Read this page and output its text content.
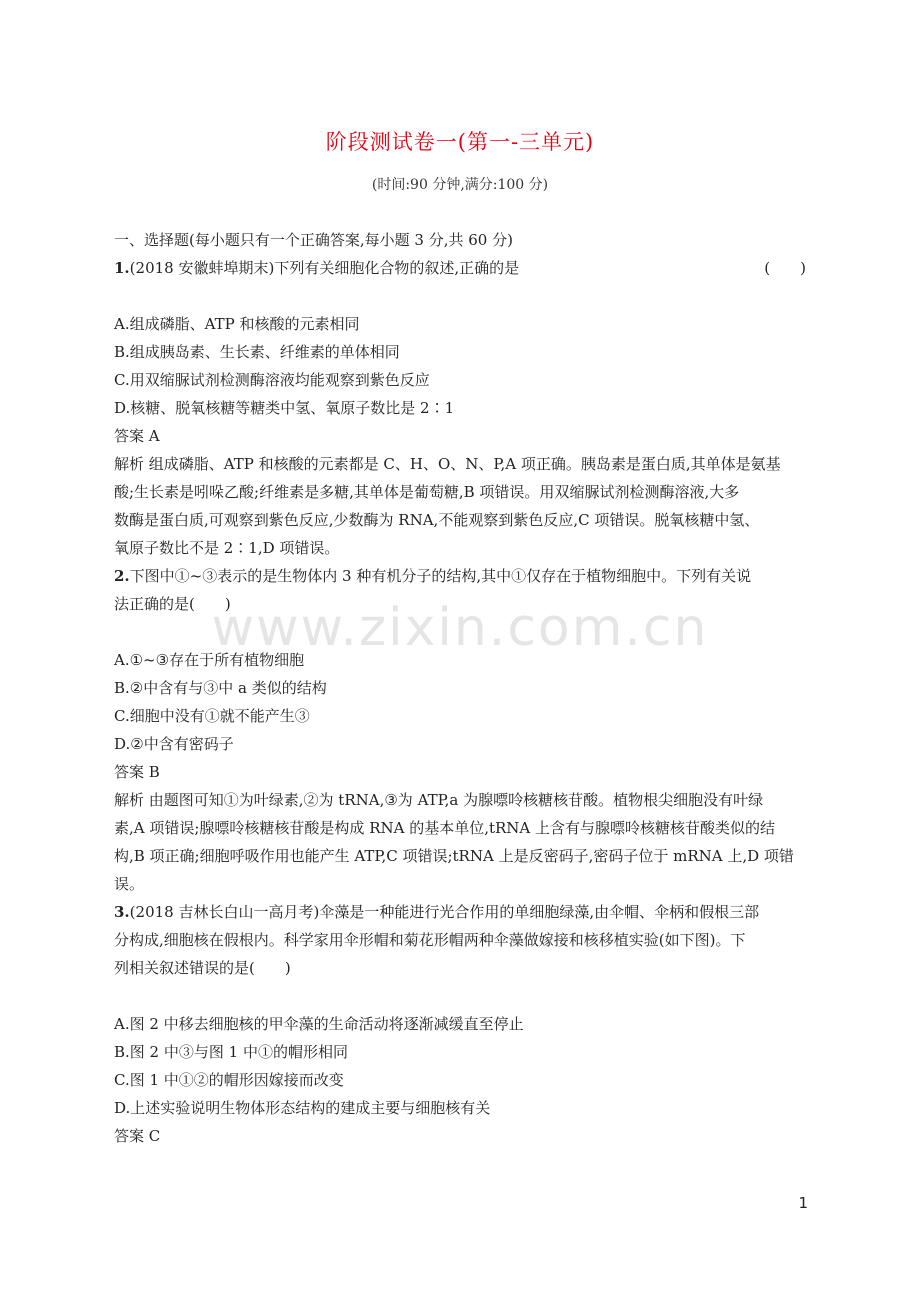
阶段测试卷一(第一-三单元)
(时间:90 分钟,满分:100 分)
www.zixin.com.cn
一、选择题(每小题只有一个正确答案,每小题 3 分,共 60 分)
1.(2018 安徽蚌埠期末)下列有关细胞化合物的叙述,正确的是	(　　)
A.组成磷脂、ATP 和核酸的元素相同
B.组成胰岛素、生长素、纤维素的单体相同
C.用双缩脲试剂检测酶溶液均能观察到紫色反应
D.核糖、脱氧核糖等糖类中氢、氧原子数比是 2∶1
答案 A
解析 组成磷脂、ATP 和核酸的元素都是 C、H、O、N、P,A 项正确。胰岛素是蛋白质,其单体是氨基
酸;生长素是吲哚乙酸;纤维素是多糖,其单体是葡萄糖,B 项错误。用双缩脲试剂检测酶溶液,大多
数酶是蛋白质,可观察到紫色反应,少数酶为 RNA,不能观察到紫色反应,C 项错误。脱氧核糖中氢、
氧原子数比不是 2∶1,D 项错误。
2.下图中①~③表示的是生物体内 3 种有机分子的结构,其中①仅存在于植物细胞中。下列有关说
法正确的是(　　)
A.①~③存在于所有植物细胞
B.②中含有与③中 a 类似的结构
C.细胞中没有①就不能产生③
D.②中含有密码子
答案 B
解析 由题图可知①为叶绿素,②为 tRNA,③为 ATP,a 为腺嘌呤核糖核苷酸。植物根尖细胞没有叶绿
素,A 项错误;腺嘌呤核糖核苷酸是构成 RNA 的基本单位,tRNA 上含有与腺嘌呤核糖核苷酸类似的结
构,B 项正确;细胞呼吸作用也能产生 ATP,C 项错误;tRNA 上是反密码子,密码子位于 mRNA 上,D 项错
误。
3.(2018 吉林长白山一高月考)伞藻是一种能进行光合作用的单细胞绿藻,由伞帽、伞柄和假根三部
分构成,细胞核在假根内。科学家用伞形帽和菊花形帽两种伞藻做嫁接和核移植实验(如下图)。下
列相关叙述错误的是(　　)
A.图 2 中移去细胞核的甲伞藻的生命活动将逐渐减缓直至停止
B.图 2 中③与图 1 中①的帽形相同
C.图 1 中①②的帽形因嫁接而改变
D.上述实验说明生物体形态结构的建成主要与细胞核有关
答案 C
1
